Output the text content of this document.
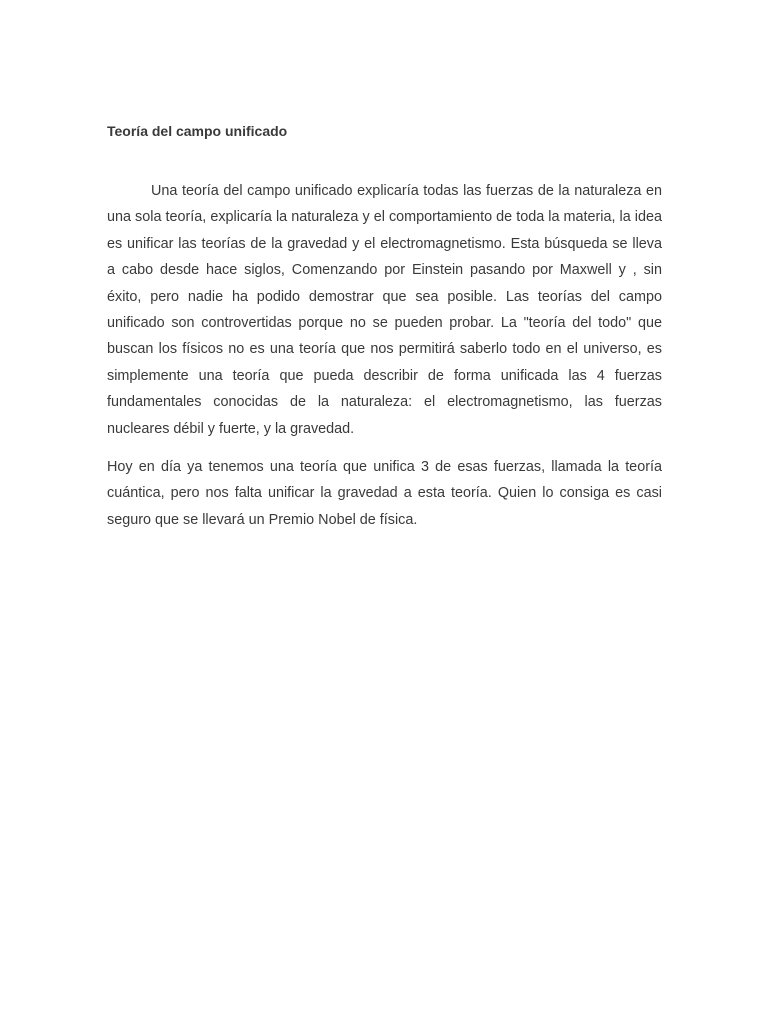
Teoría del campo unificado

Una teoría del campo unificado explicaría todas las fuerzas de la naturaleza en una sola teoría, explicaría la naturaleza y el comportamiento de toda la materia, la idea es unificar las teorías de la gravedad y el electromagnetismo. Esta búsqueda se lleva a cabo desde hace siglos, Comenzando por Einstein pasando por Maxwell y , sin éxito, pero nadie ha podido demostrar que sea posible. Las teorías del campo unificado son controvertidas porque no se pueden probar. La "teoría del todo" que buscan los físicos no es una teoría que nos permitirá saberlo todo en el universo, es simplemente una teoría que pueda describir de forma unificada las 4 fuerzas fundamentales conocidas de la naturaleza: el electromagnetismo, las fuerzas nucleares débil y fuerte, y la gravedad.

Hoy en día ya tenemos una teoría que unifica 3 de esas fuerzas, llamada la teoría cuántica, pero nos falta unificar la gravedad a esta teoría. Quien lo consiga es casi seguro que se llevará un Premio Nobel de física.
